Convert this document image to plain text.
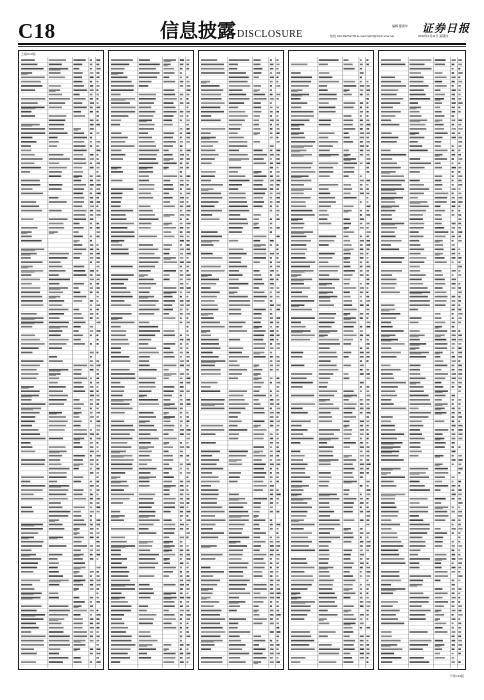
C18	信息披露DISCLOSURE
编辑 董建华 证券日报
热线 010-83251730 E-mail:zqrb9@zqrb.sina.net	2010年3月11日 星期四
上接C17版
下转C19版
